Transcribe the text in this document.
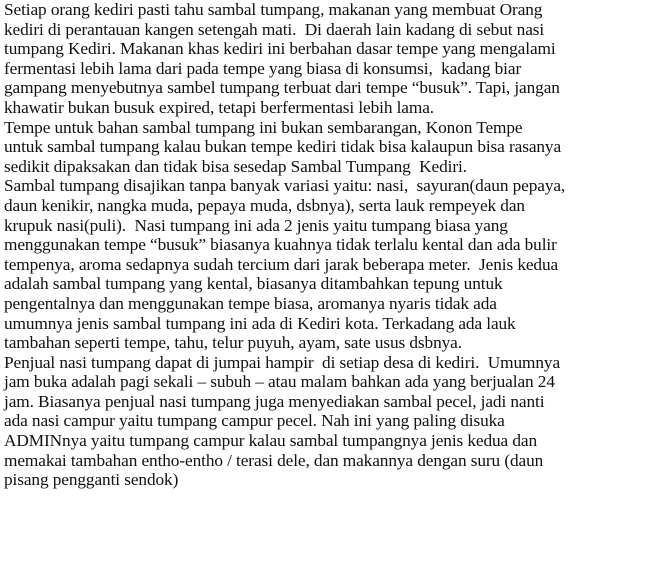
Setiap orang kediri pasti tahu sambal tumpang, makanan yang membuat Orang
kediri di perantauan kangen setengah mati.  Di daerah lain kadang di sebut nasi
tumpang Kediri. Makanan khas kediri ini berbahan dasar tempe yang mengalami
fermentasi lebih lama dari pada tempe yang biasa di konsumsi,  kadang biar
gampang menyebutnya sambel tumpang terbuat dari tempe “busuk”. Tapi, jangan
khawatir bukan busuk expired, tetapi berfermentasi lebih lama.
Tempe untuk bahan sambal tumpang ini bukan sembarangan, Konon Tempe
untuk sambal tumpang kalau bukan tempe kediri tidak bisa kalaupun bisa rasanya
sedikit dipaksakan dan tidak bisa sesedap Sambal Tumpang  Kediri.
Sambal tumpang disajikan tanpa banyak variasi yaitu: nasi,  sayuran(daun pepaya,
daun kenikir, nangka muda, pepaya muda, dsbnya), serta lauk rempeyek dan
krupuk nasi(puli).  Nasi tumpang ini ada 2 jenis yaitu tumpang biasa yang
menggunakan tempe “busuk” biasanya kuahnya tidak terlalu kental dan ada bulir
tempenya, aroma sedapnya sudah tercium dari jarak beberapa meter.  Jenis kedua
adalah sambal tumpang yang kental, biasanya ditambahkan tepung untuk
pengentalnya dan menggunakan tempe biasa, aromanya nyaris tidak ada
umumnya jenis sambal tumpang ini ada di Kediri kota. Terkadang ada lauk
tambahan seperti tempe, tahu, telur puyuh, ayam, sate usus dsbnya.
Penjual nasi tumpang dapat di jumpai hampir  di setiap desa di kediri.  Umumnya
jam buka adalah pagi sekali – subuh – atau malam bahkan ada yang berjualan 24
jam. Biasanya penjual nasi tumpang juga menyediakan sambal pecel, jadi nanti
ada nasi campur yaitu tumpang campur pecel. Nah ini yang paling disuka
ADMINnya yaitu tumpang campur kalau sambal tumpangnya jenis kedua dan
memakai tambahan entho-entho / terasi dele, dan makannya dengan suru (daun
pisang pengganti sendok)
